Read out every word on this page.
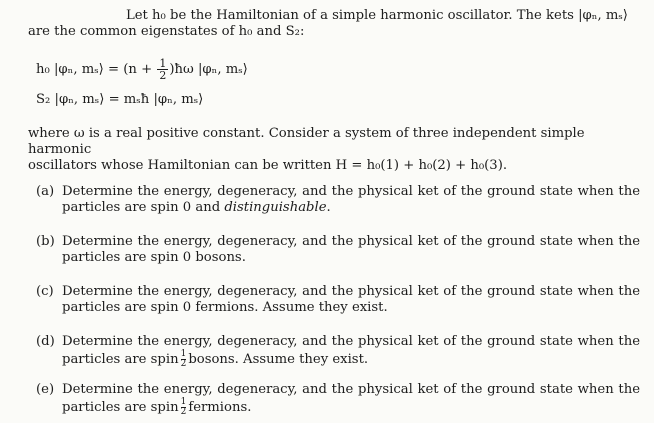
Let h₀ be the Hamiltonian of a simple harmonic oscillator. The kets |φₙ, mₛ⟩
are the common eigenstates of h₀ and S₂:

h₀ |φₙ, mₛ⟩ = ($n + \frac{1}{2}$ )ħω |φₙ, mₛ⟩
S₂ |φₙ, mₛ⟩ = mₛħ |φₙ, mₛ⟩

where ω is a real positive constant. Consider a system of three independent simple harmonic
oscillators whose Hamiltonian can be written H = h₀(1) + h₀(2) + h₀(3).

(a) Determine the energy, degeneracy, and the physical ket of the ground state when the
particles are spin 0 and distinguishable.
(b) Determine the energy, degeneracy, and the physical ket of the ground state when the
particles are spin 0 bosons.
(c) Determine the energy, degeneracy, and the physical ket of the ground state when the
particles are spin 0 fermions. Assume they exist.
(d) Determine the energy, degeneracy, and the physical ket of the ground state when the
particles are spin $\frac{1}{2}$ bosons. Assume they exist.
(e) Determine the energy, degeneracy, and the physical ket of the ground state when the
particles are spin $\frac{1}{2}$ fermions.
